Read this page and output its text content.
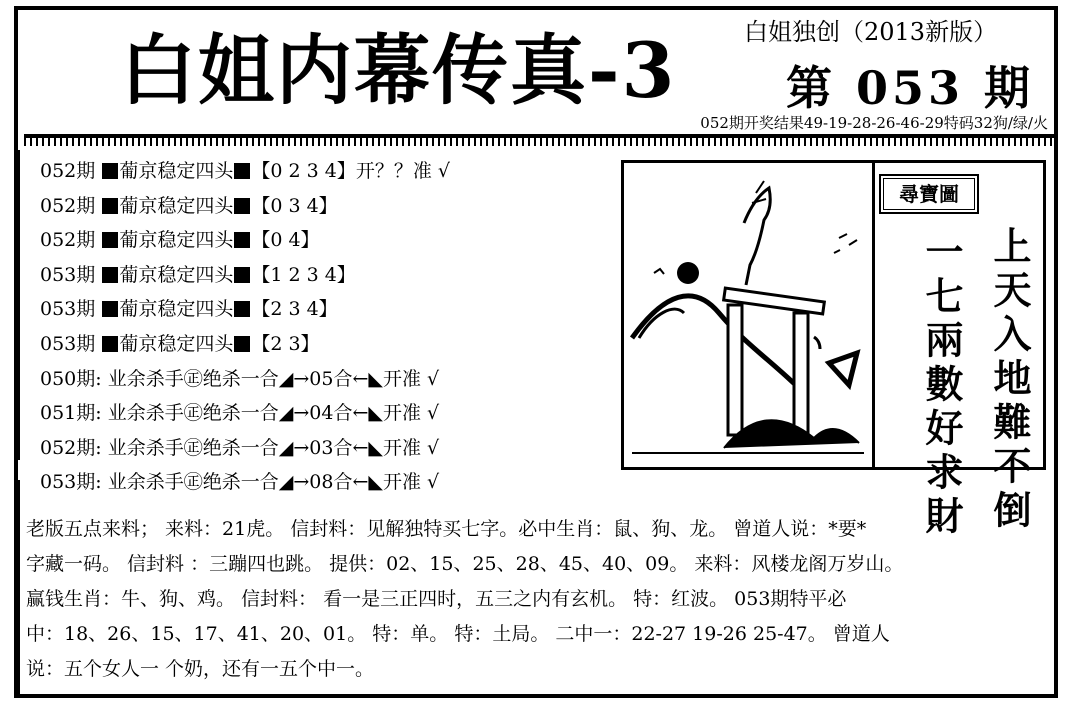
白姐内幕传真-3	白姐独创（2013新版）
第 053 期
052期开奖结果49-19-28-26-46-29特码32狗/绿/火
052期 葡京稳定四头 【0 2 3 4】开？？准 √
052期 葡京稳定四头 【0 3 4】
052期 葡京稳定四头 【0 4】
053期 葡京稳定四头 【1 2 3 4】
053期 葡京稳定四头 【2 3 4】
053期 葡京稳定四头 【2 3】
050期: 业余杀手㊣绝杀一合◢→05合←◣开准 √
051期: 业余杀手㊣绝杀一合◢→04合←◣开准 √
052期: 业余杀手㊣绝杀一合◢→03合←◣开准 √
053期: 业余杀手㊣绝杀一合◢→08合←◣开准 √
尋寶圖
上天入地難不倒
一七兩數好求財

老版五点来料； 来料：21虎。 信封料：见解独特买七字。必中生肖：鼠、狗、龙。 曾道人说：*要*

字藏一码。 信封料 ：三蹦四也跳。 提供：02、15、25、28、45、40、09。 来料：风楼龙阁万岁山。

赢钱生肖：牛、狗、鸡。 信封料： 看一是三正四时，五三之内有玄机。 特：红波。 053期特平必

中：18、26、15、17、41、20、01。 特：单。 特：土局。 二中一：22-27 19-26 25-47。 曾道人

说：五个女人一 个奶，还有一五个中一。
